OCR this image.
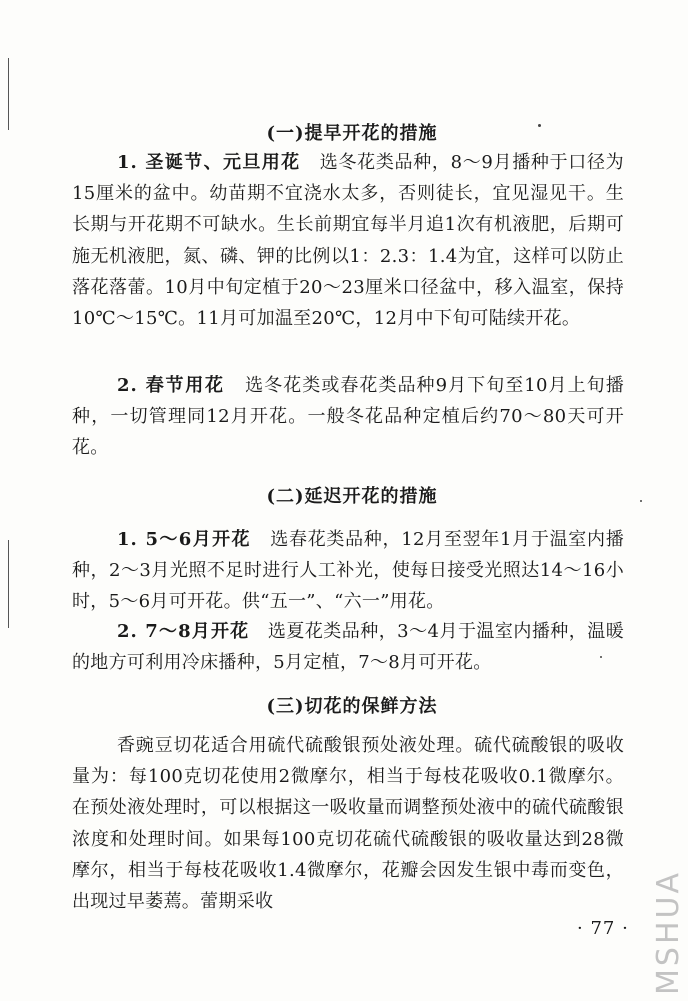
(一)提早开花的措施

1. 圣诞节、元旦用花 选冬花类品种，8～9月播种于口径为15厘米的盆中。幼苗期不宜浇水太多，否则徒长，宜见湿见干。生长期与开花期不可缺水。生长前期宜每半月追1次有机液肥，后期可施无机液肥，氮、磷、钾的比例以1：2.3：1.4为宜，这样可以防止落花落蕾。10月中旬定植于20～23厘米口径盆中，移入温室，保持10℃～15℃。11月可加温至20℃，12月中下旬可陆续开花。

2. 春节用花 选冬花类或春花类品种9月下旬至10月上旬播种，一切管理同12月开花。一般冬花品种定植后约70～80天可开花。

(二)延迟开花的措施

1. 5～6月开花 选春花类品种，12月至翌年1月于温室内播种，2～3月光照不足时进行人工补光，使每日接受光照达14～16小时，5～6月可开花。供“五一”、“六一”用花。

2. 7～8月开花 选夏花类品种，3～4月于温室内播种，温暖的地方可利用冷床播种，5月定植，7～8月可开花。

(三)切花的保鲜方法

香豌豆切花适合用硫代硫酸银预处液处理。硫代硫酸银的吸收量为：每100克切花使用2微摩尔，相当于每枝花吸收0.1微摩尔。在预处液处理时，可以根据这一吸收量而调整预处液中的硫代硫酸银浓度和处理时间。如果每100克切花硫代硫酸银的吸收量达到28微摩尔，相当于每枝花吸收1.4微摩尔，花瓣会因发生银中毒而变色，出现过早萎蔫。蕾期采收

· 77 · MSHUA
